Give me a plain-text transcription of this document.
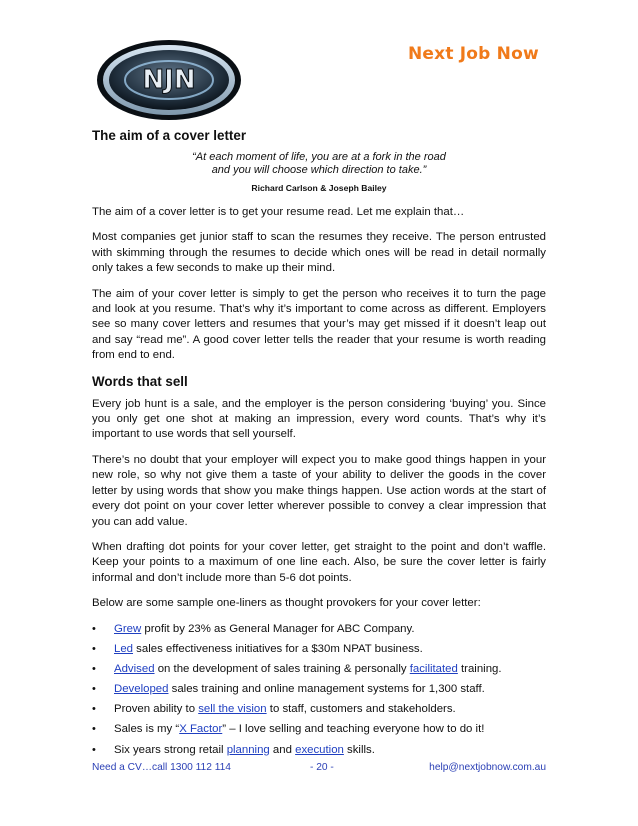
NJN
Next Job Now
The aim of a cover letter

“At each moment of life, you are at a fork in the road

and you will choose which direction to take.”

Richard Carlson & Joseph Bailey

The aim of a cover letter is to get your resume read. Let me explain that…

Most companies get junior staff to scan the resumes they receive. The person entrusted with skimming through the resumes to decide which ones will be read in detail normally only takes a few seconds to make up their mind.

The aim of your cover letter is simply to get the person who receives it to turn the page and look at you resume. That’s why it’s important to come across as different. Employers see so many cover letters and resumes that your’s may get missed if it doesn’t leap out and say “read me”. A good cover letter tells the reader that your resume is worth reading from end to end.

Words that sell

Every job hunt is a sale, and the employer is the person considering ‘buying’ you. Since you only get one shot at making an impression, every word counts. That’s why it’s important to use words that sell yourself.

There’s no doubt that your employer will expect you to make good things happen in your new role, so why not give them a taste of your ability to deliver the goods in the cover letter by using words that show you make things happen. Use action words at the start of every dot point on your cover letter wherever possible to convey a clear impression that you can add value.

When drafting dot points for your cover letter, get straight to the point and don’t waffle. Keep your points to a maximum of one line each. Also, be sure the cover letter is fairly informal and don’t include more than 5-6 dot points.

Below are some sample one-liners as thought provokers for your cover letter:

•	Grew profit by 23% as General Manager for ABC Company.
•	Led sales effectiveness initiatives for a $30m NPAT business.
•	Advised on the development of sales training & personally facilitated training.
•	Developed sales training and online management systems for 1,300 staff.
•	Proven ability to sell the vision to staff, customers and stakeholders.
•	Sales is my “X Factor” – I love selling and teaching everyone how to do it!
•	Six years strong retail planning and execution skills.
Need a CV…call 1300 112 114	- 20 -	help@nextjobnow.com.au
